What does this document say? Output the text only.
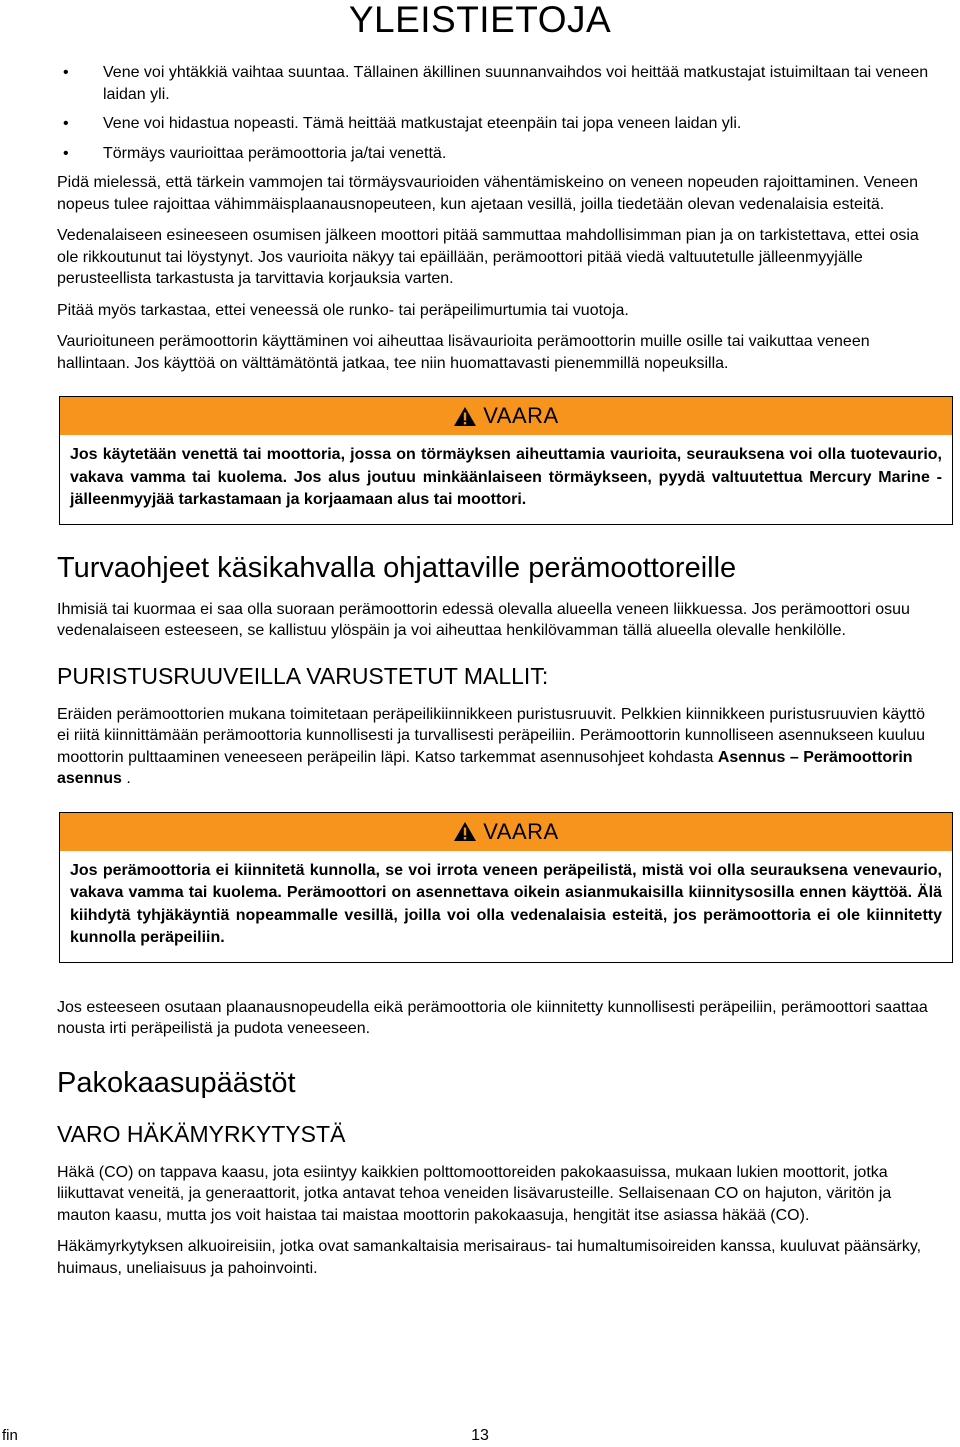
YLEISTIETOJA
• Vene voi yhtäkkiä vaihtaa suuntaa. Tällainen äkillinen suunnanvaihdos voi heittää matkustajat istuimiltaan tai veneen laidan yli.
• Vene voi hidastua nopeasti. Tämä heittää matkustajat eteenpäin tai jopa veneen laidan yli.
• Törmäys vaurioittaa perämoottoria ja/tai venettä.

Pidä mielessä, että tärkein vammojen tai törmäysvaurioiden vähentämiskeino on veneen nopeuden rajoittaminen. Veneen nopeus tulee rajoittaa vähimmäisplaanausnopeuteen, kun ajetaan vesillä, joilla tiedetään olevan vedenalaisia esteitä.

Vedenalaiseen esineeseen osumisen jälkeen moottori pitää sammuttaa mahdollisimman pian ja on tarkistettava, ettei osia ole rikkoutunut tai löystynyt. Jos vaurioita näkyy tai epäillään, perämoottori pitää viedä valtuutetulle jälleenmyyjälle perusteellista tarkastusta ja tarvittavia korjauksia varten.

Pitää myös tarkastaa, ettei veneessä ole runko- tai peräpeilimurtumia tai vuotoja.

Vaurioituneen perämoottorin käyttäminen voi aiheuttaa lisävaurioita perämoottorin muille osille tai vaikuttaa veneen hallintaan. Jos käyttöä on välttämätöntä jatkaa, tee niin huomattavasti pienemmillä nopeuksilla.

VAARA
Jos käytetään venettä tai moottoria, jossa on törmäyksen aiheuttamia vaurioita, seurauksena voi olla tuotevaurio, vakava vamma tai kuolema. Jos alus joutuu minkäänlaiseen törmäykseen, pyydä valtuutettua Mercury Marine -jälleenmyyjää tarkastamaan ja korjaamaan alus tai moottori.
Turvaohjeet käsikahvalla ohjattaville perämoottoreille

Ihmisiä tai kuormaa ei saa olla suoraan perämoottorin edessä olevalla alueella veneen liikkuessa. Jos perämoottori osuu vedenalaiseen esteeseen, se kallistuu ylöspäin ja voi aiheuttaa henkilövamman tällä alueella olevalle henkilölle.

PURISTUSRUUVEILLA VARUSTETUT MALLIT:

Eräiden perämoottorien mukana toimitetaan peräpeilikiinnikkeen puristusruuvit. Pelkkien kiinnikkeen puristusruuvien käyttö ei riitä kiinnittämään perämoottoria kunnollisesti ja turvallisesti peräpeiliin. Perämoottorin kunnolliseen asennukseen kuuluu moottorin pulttaaminen veneeseen peräpeilin läpi. Katso tarkemmat asennusohjeet kohdasta Asennus – Perämoottorin asennus .

VAARA
Jos perämoottoria ei kiinnitetä kunnolla, se voi irrota veneen peräpeilistä, mistä voi olla seurauksena venevaurio, vakava vamma tai kuolema. Perämoottori on asennettava oikein asianmukaisilla kiinnitysosilla ennen käyttöä. Älä kiihdytä tyhjäkäyntiä nopeammalle vesillä, joilla voi olla vedenalaisia esteitä, jos perämoottoria ei ole kiinnitetty kunnolla peräpeiliin.

Jos esteeseen osutaan plaanausnopeudella eikä perämoottoria ole kiinnitetty kunnollisesti peräpeiliin, perämoottori saattaa nousta irti peräpeilistä ja pudota veneeseen.

Pakokaasupäästöt
VARO HÄKÄMYRKYTYSTÄ

Häkä (CO) on tappava kaasu, jota esiintyy kaikkien polttomoottoreiden pakokaasuissa, mukaan lukien moottorit, jotka liikuttavat veneitä, ja generaattorit, jotka antavat tehoa veneiden lisävarusteille. Sellaisenaan CO on hajuton, väritön ja mauton kaasu, mutta jos voit haistaa tai maistaa moottorin pakokaasuja, hengität itse asiassa häkää (CO).

Häkämyrkytyksen alkuoireisiin, jotka ovat samankaltaisia merisairaus- tai humaltumisoireiden kanssa, kuuluvat päänsärky, huimaus, uneliaisuus ja pahoinvointi.

fin	13
